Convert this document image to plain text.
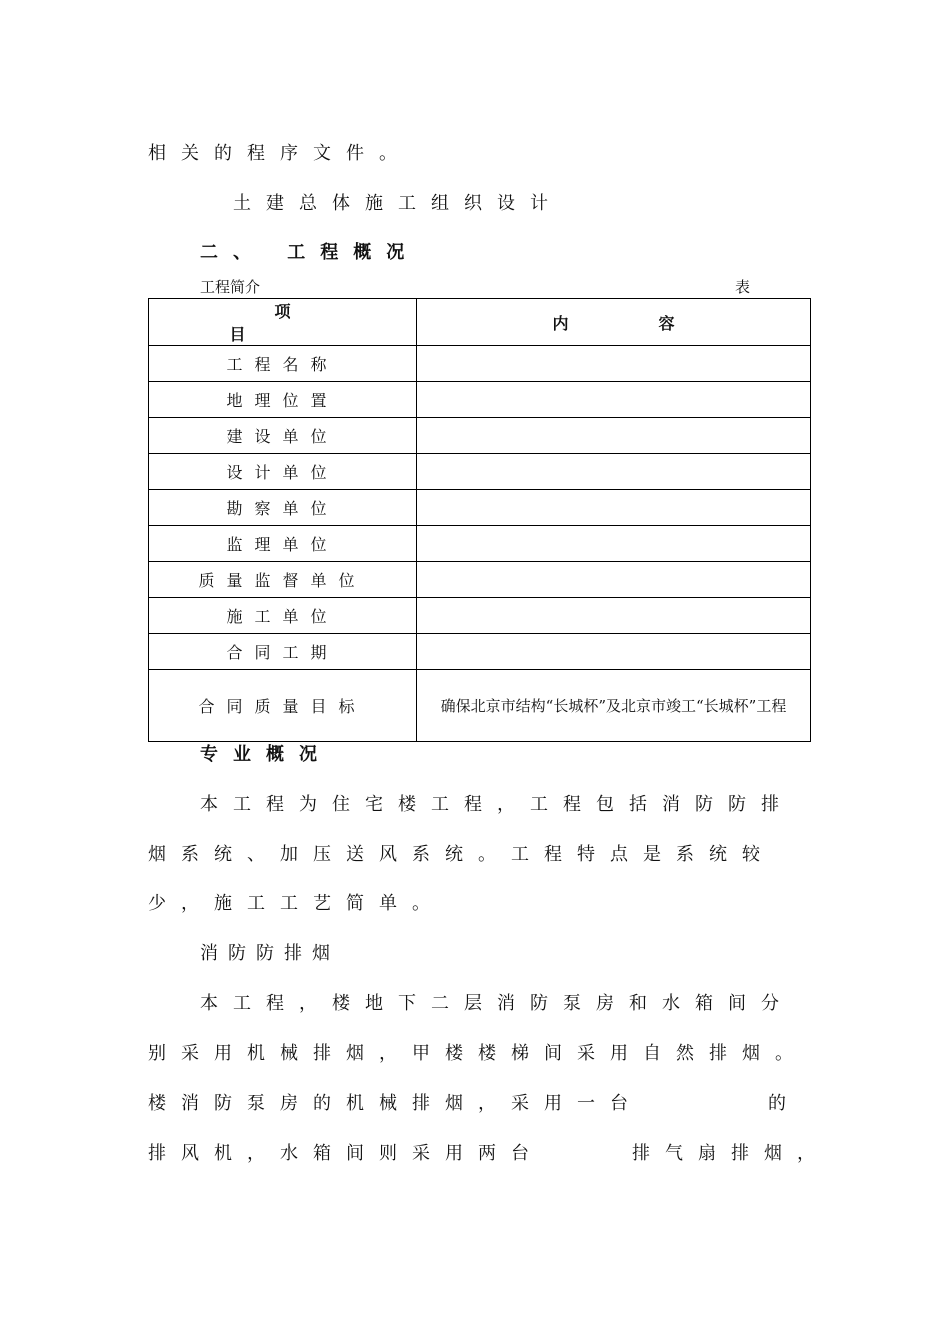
相关的程序文件。
土建总体施工组织设计
二、 工程概况
工程简介	表
项目	内容
工程名称	
地理位置	
建设单位	
设计单位	
勘察单位	
监理单位	
质量监督单位	
施工单位	
合同工期	
合同质量目标	确保北京市结构“长城杯”及北京市竣工“长城杯”工程
专业概况
本工程为住宅楼工程，工程包括消防防排
烟系统、加压送风系统。工程特点是系统较
少，施工工艺简单。
消防防排烟
本工程，楼地下二层消防泵房和水箱间分
别采用机械排烟，甲楼楼梯间采用自然排烟。
楼消防泵房的机械排烟，采用一台	的
排风机，水箱间则采用两台	排气扇排烟，
